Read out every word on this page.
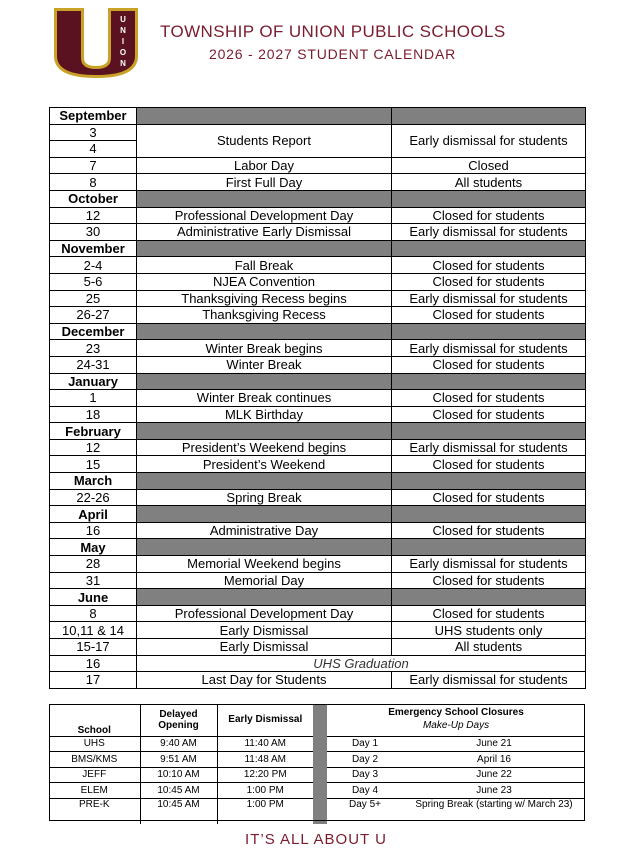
U
N
I
O
N
TOWNSHIP OF UNION PUBLIC SCHOOLS
2026 - 2027 STUDENT CALENDAR
September		
3	Students Report	Early dismissal for students
4		
7	Labor Day	Closed
8	First Full Day	All students
October		
12	Professional Development Day	Closed for students
30	Administrative Early Dismissal	Early dismissal for students
November		
2-4	Fall Break	Closed for students
5-6	NJEA Convention	Closed for students
25	Thanksgiving Recess begins	Early dismissal for students
26-27	Thanksgiving Recess	Closed for students
December		
23	Winter Break begins	Early dismissal for students
24-31	Winter Break	Closed for students
January		
1	Winter Break continues	Closed for students
18	MLK Birthday	Closed for students
February		
12	President’s Weekend begins	Early dismissal for students
15	President’s Weekend	Closed for students
March		
22-26	Spring Break	Closed for students
April		
16	Administrative Day	Closed for students
May		
28	Memorial Weekend begins	Early dismissal for students
31	Memorial Day	Closed for students
June		
8	Professional Development Day	Closed for students
10,11 & 14	Early Dismissal	UHS students only
15-17	Early Dismissal	All students
16	UHS Graduation	
17	Last Day for Students	Early dismissal for students
School	Delayed Opening	Early Dismissal		Emergency School Closures
Make-Up Days	

UHS	9:40 AM	11:40 AM		Day 1	June 21
BMS/KMS	9:51 AM	11:48 AM		Day 2	April 16
JEFF	10:10 AM	12:20 PM		Day 3	June 22
ELEM	10:45 AM	1:00 PM		Day 4	June 23
PRE-K	10:45 AM	1:00 PM		Day 5+	Spring Break (starting w/ March 23)
IT’S ALL ABOUT U
